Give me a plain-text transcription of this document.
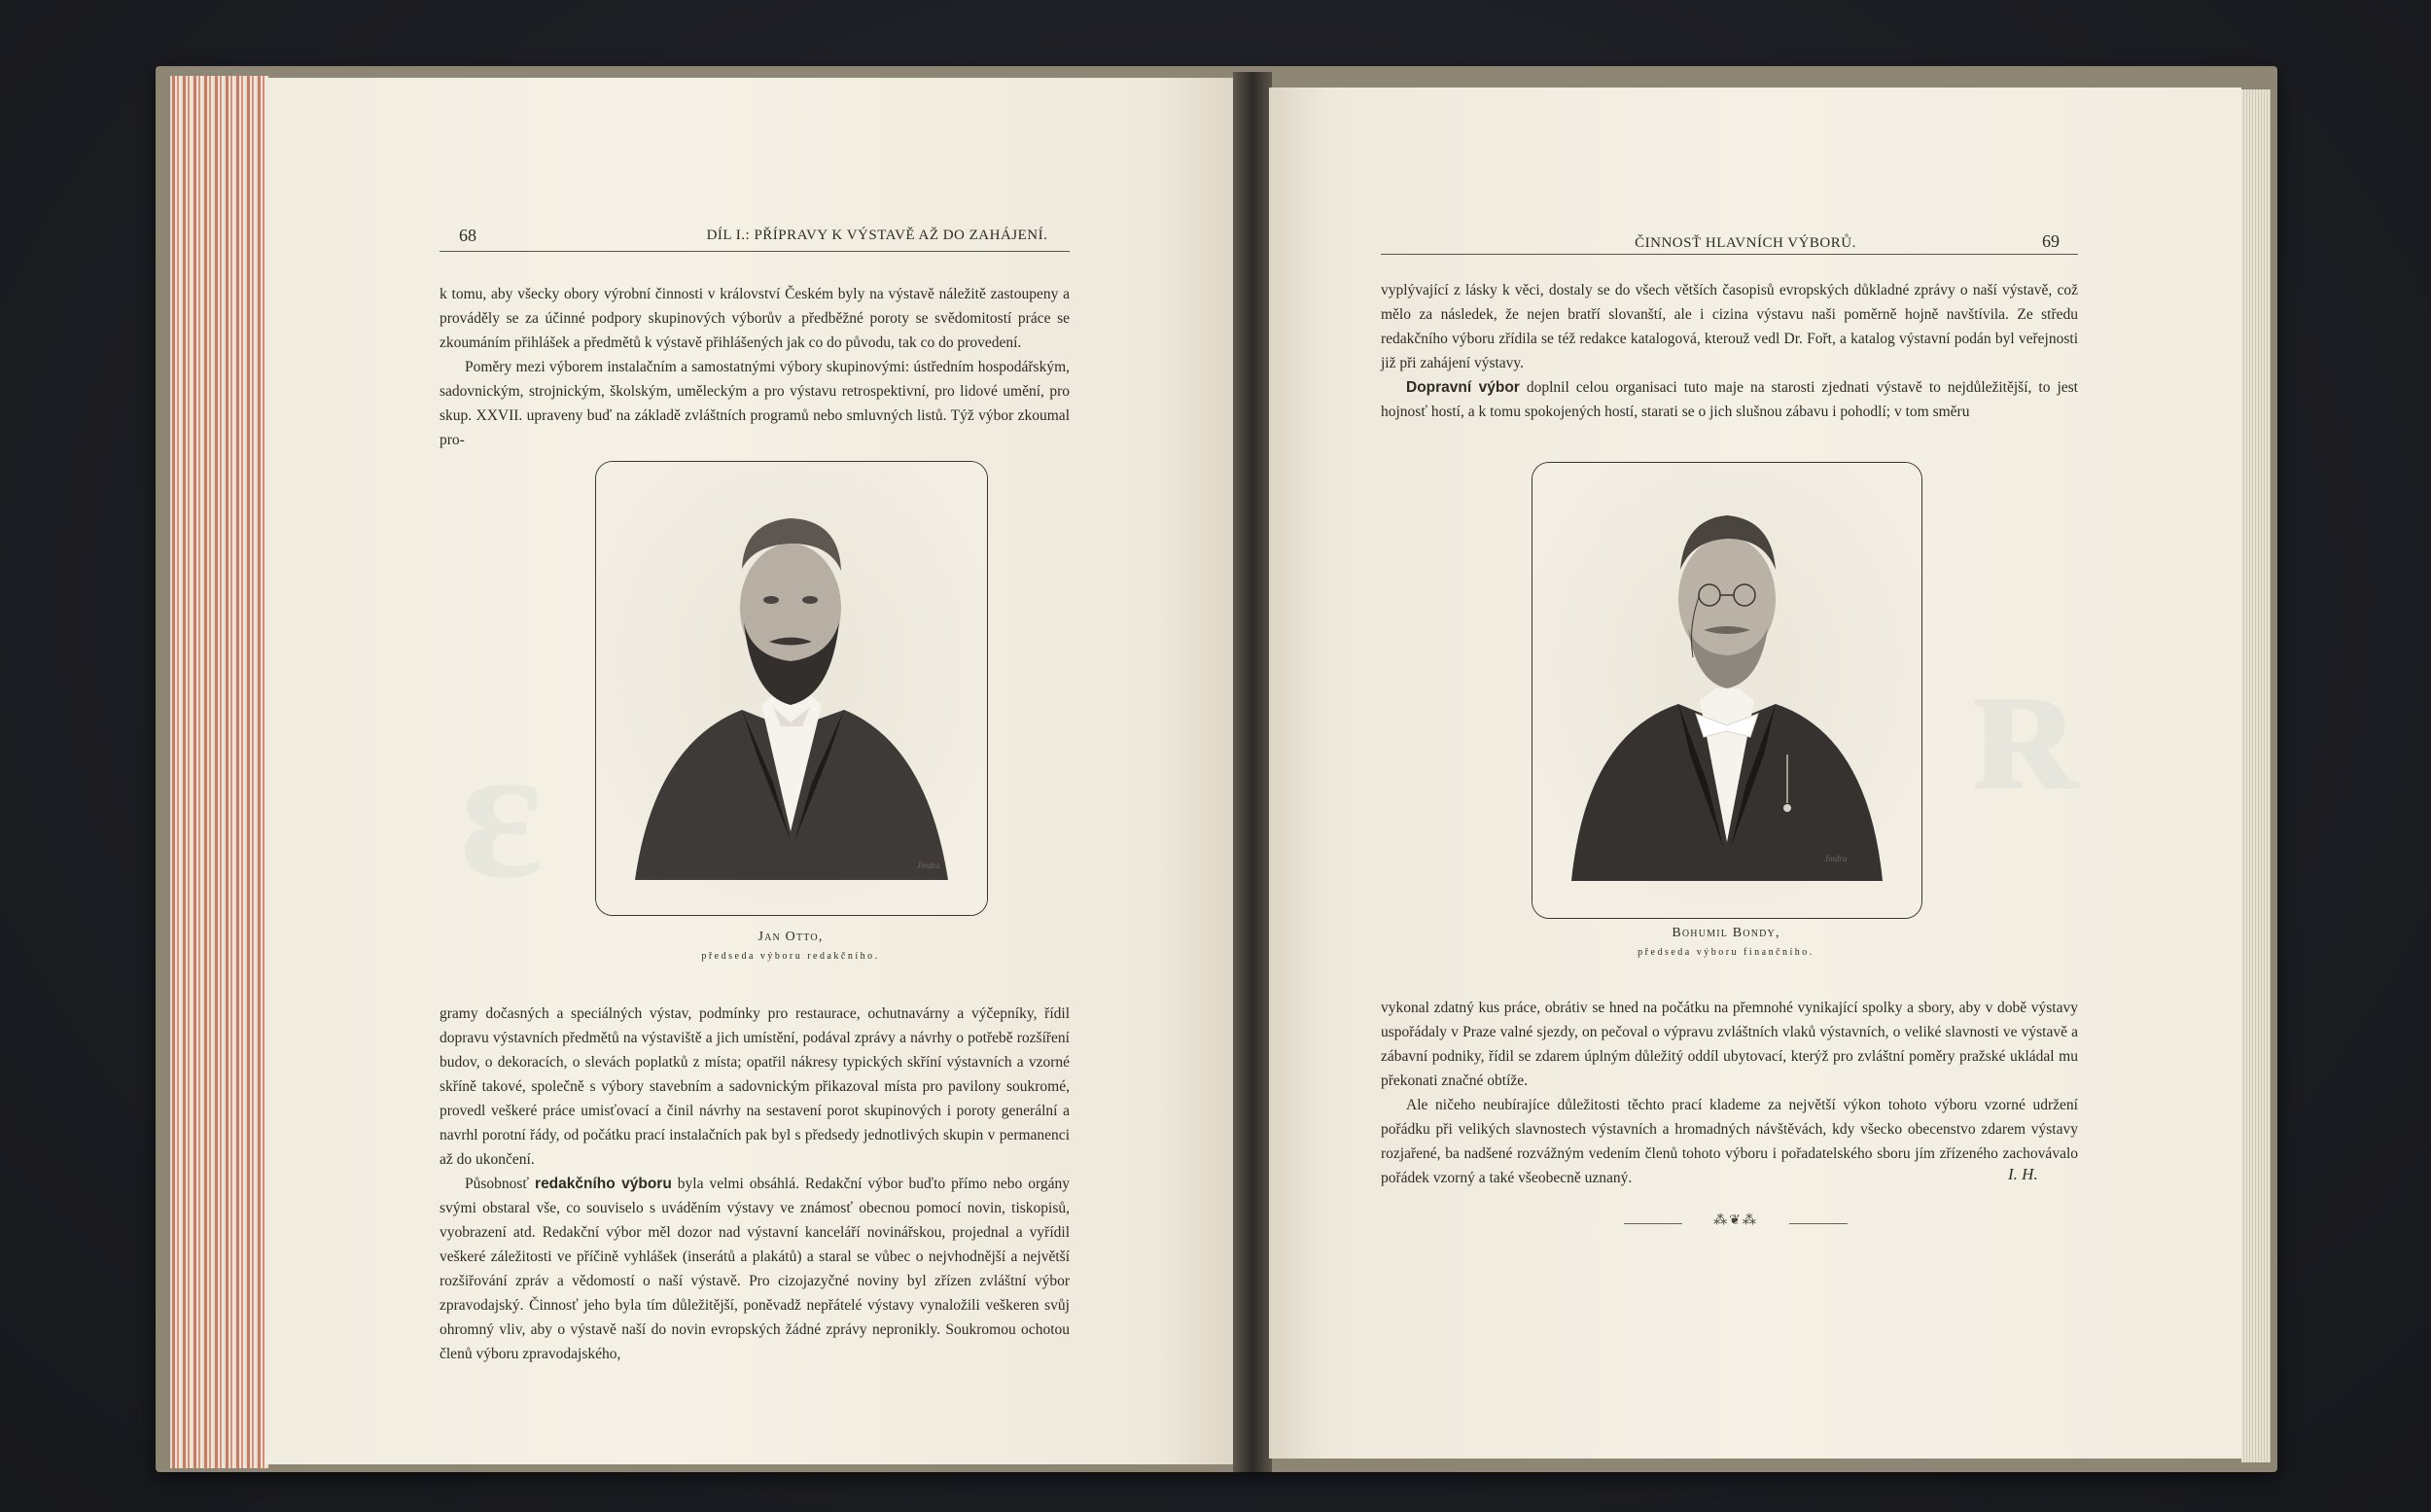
ɛ
68	DÍL I.: PŘÍPRAVY K VÝSTAVĚ AŽ DO ZAHÁJENÍ.

k tomu, aby všecky obory výrobní činnosti v království Českém byly na výstavě náležitě zastoupeny a prováděly se za účinné podpory skupinových výborův a předběžné poroty se svědomitostí práce se zkoumáním přihlášek a předmětů k výstavě přihlášených jak co do původu, tak co do provedení.

Poměry mezi výborem instalačním a samostatnými výbory skupinovými: ústředním hospodářským, sadovnickým, strojnickým, školským, uměleckým a pro výstavu retrospektivní, pro lidové umění, pro skup. XXVII. upraveny buď na základě zvláštních programů nebo smluvných listů. Týž výbor zkoumal pro-

Jindra
Jan Otto,
předseda výboru redakčního.

gramy dočasných a speciálných výstav, podmínky pro restaurace, ochutnavárny a výčepníky, řídil dopravu výstavních předmětů na výstaviště a jich umístění, podával zprávy a návrhy o potřebě rozšíření budov, o dekoracích, o slevách poplatků z místa; opatřil nákresy typických skříní výstavních a vzorné skříně takové, společně s výbory stavebním a sadovnickým přikazoval místa pro pavilony soukromé, provedl veškeré práce umisťovací a činil návrhy na sestavení porot skupinových i poroty generální a navrhl porotní řády, od počátku prací instalačních pak byl s předsedy jednotlivých skupin v permanenci až do ukončení.

Působnosť redakčního výboru byla velmi obsáhlá. Redakční výbor buďto přímo nebo orgány svými obstaral vše, co souviselo s uváděním výstavy ve známosť obecnou pomocí novin, tiskopisů, vyobrazení atd. Redakční výbor měl dozor nad výstavní kanceláří novinářskou, projednal a vyřídil veškeré záležitosti ve příčině vyhlášek (inserátů a plakátů) a staral se vůbec o nejvhodnější a největší rozšiřování zpráv a vědomostí o naší výstavě. Pro cizojazyčné noviny byl zřízen zvláštní výbor zpravodajský. Činnosť jeho byla tím důležitější, poněvadž nepřátelé výstavy vynaložili veškeren svůj ohromný vliv, aby o výstavě naší do novin evropských žádné zprávy nepronikly. Soukromou ochotou členů výboru zpravodajského,

ʀ
ČINNOSŤ HLAVNÍCH VÝBORŮ.	69

vyplývající z lásky k věci, dostaly se do všech větších časopisů evropských důkladné zprávy o naší výstavě, což mělo za následek, že nejen bratří slovanští, ale i cizina výstavu naši poměrně hojně navštívila. Ze středu redakčního výboru zřídila se též redakce katalogová, kterouž vedl Dr. Fořt, a katalog výstavní podán byl veřejnosti již při zahájení výstavy.

Dopravní výbor doplnil celou organisaci tuto maje na starosti zjednati výstavě to nejdůležitější, to jest hojnosť hostí, a k tomu spokojených hostí, starati se o jich slušnou zábavu i pohodlí; v tom směru

Jindra
Bohumil Bondy,
předseda výboru finančního.

vykonal zdatný kus práce, obrátiv se hned na počátku na přemnohé vynikající spolky a sbory, aby v době výstavy uspořádaly v Praze valné sjezdy, on pečoval o výpravu zvláštních vlaků výstavních, o veliké slavnosti ve výstavě a zábavní podniky, řídil se zdarem úplným důležitý oddíl ubytovací, kterýž pro zvláštní poměry pražské ukládal mu překonati značné obtíže.

Ale ničeho neubírajíce důležitosti těchto prací klademe za největší výkon tohoto výboru vzorné udržení pořádku při velikých slavnostech výstavních a hromadných návštěvách, kdy všecko obecenstvo zdarem výstavy rozjařené, ba nadšené rozvážným vedením členů tohoto výboru i pořadatelského sboru jím zřízeného zachovávalo pořádek vzorný a také všeobecně uznaný.	I. H.
⁂❦⁂
